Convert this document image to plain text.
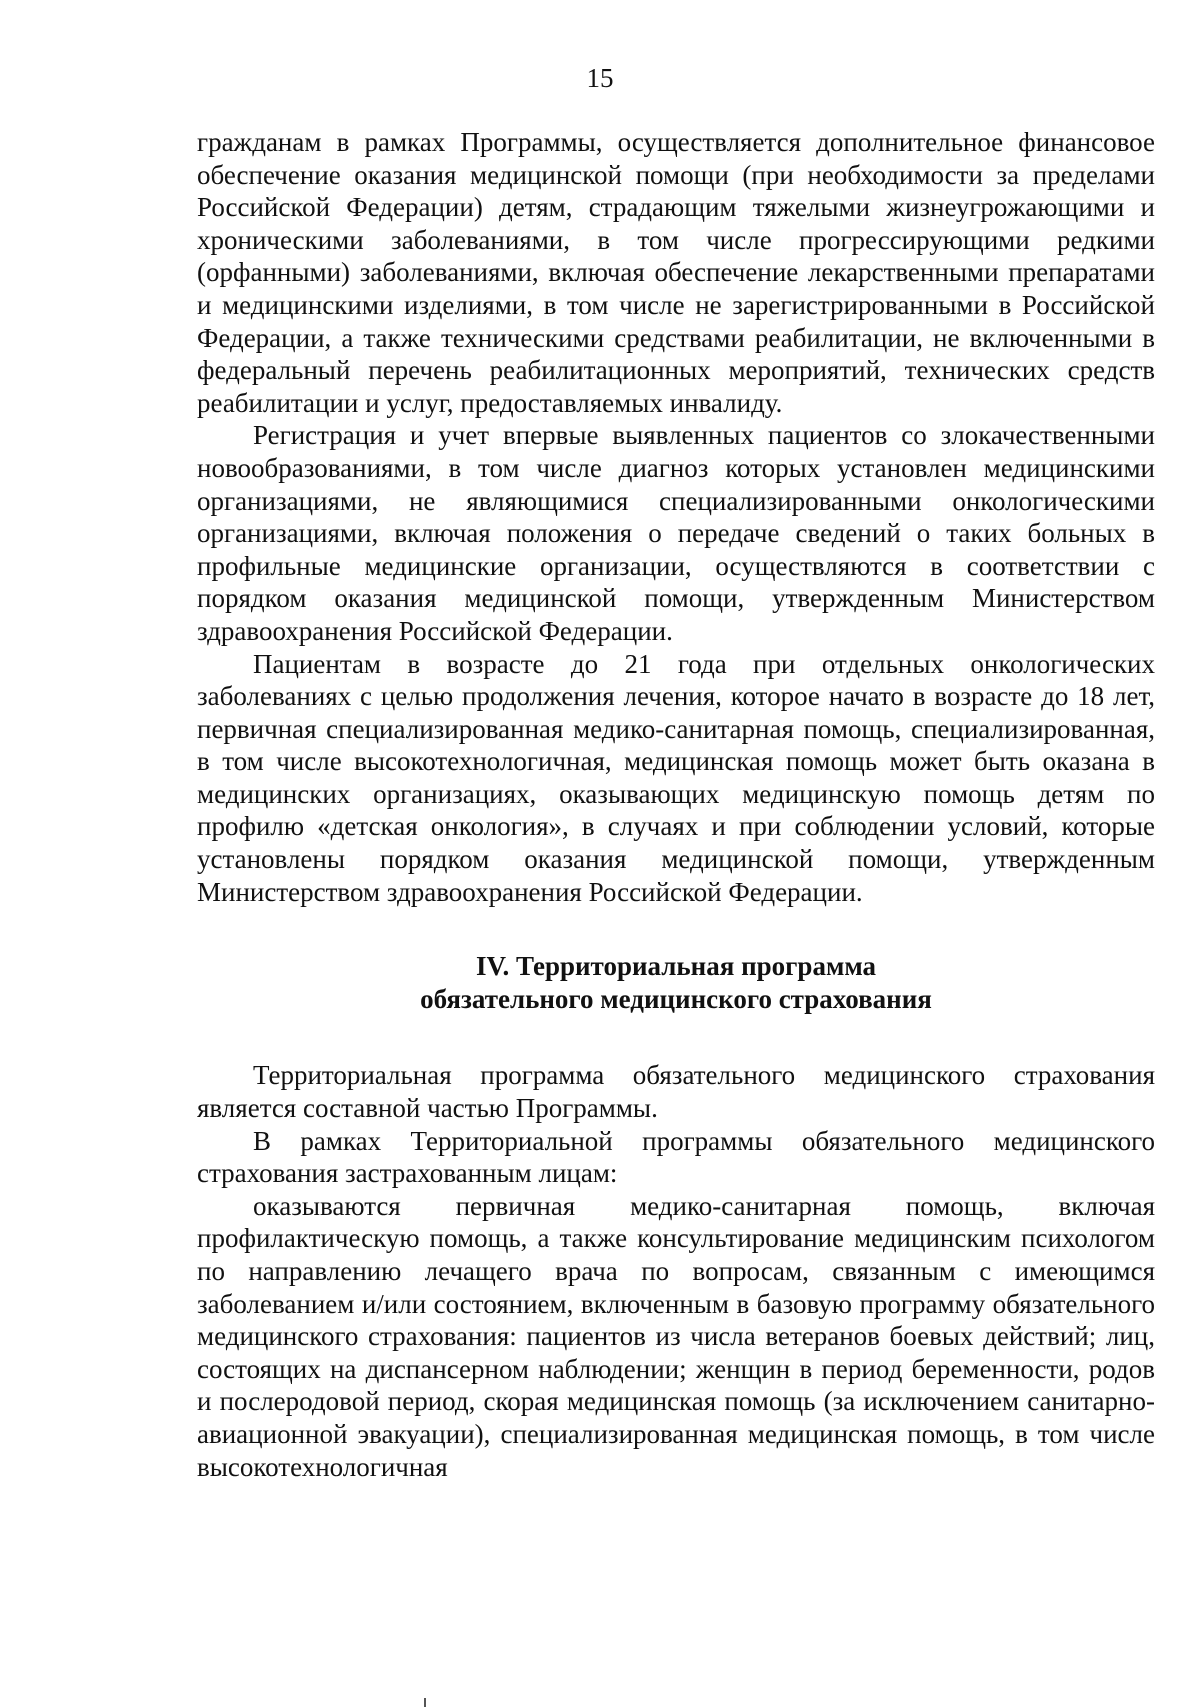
15

гражданам в рамках Программы, осуществляется дополнительное финансовое обеспечение оказания медицинской помощи (при необходимости за пределами Российской Федерации) детям, страдающим тяжелыми жизнеугрожающими и хроническими заболеваниями, в том числе прогрессирующими редкими (орфанными) заболеваниями, включая обеспечение лекарственными препаратами и медицинскими изделиями, в том числе не зарегистрированными в Российской Федерации, а также техническими средствами реабилитации, не включенными в федеральный перечень реабилитационных мероприятий, технических средств реабилитации и услуг, предоставляемых инвалиду.

Регистрация и учет впервые выявленных пациентов со злокачественными новообразованиями, в том числе диагноз которых установлен медицинскими организациями, не являющимися специализированными онкологическими организациями, включая положения о передаче сведений о таких больных в профильные медицинские организации, осуществляются в соответствии с порядком оказания медицинской помощи, утвержденным Министерством здравоохранения Российской Федерации.

Пациентам в возрасте до 21 года при отдельных онкологических заболеваниях с целью продолжения лечения, которое начато в возрасте до 18 лет, первичная специализированная медико-санитарная помощь, специализированная, в том числе высокотехнологичная, медицинская помощь может быть оказана в медицинских организациях, оказывающих медицинскую помощь детям по профилю «детская онкология», в случаях и при соблюдении условий, которые установлены порядком оказания медицинской помощи, утвержденным Министерством здравоохранения Российской Федерации.

IV. Территориальная программа

обязательного медицинского страхования

Территориальная программа обязательного медицинского страхования является составной частью Программы.

В рамках Территориальной программы обязательного медицинского страхования застрахованным лицам:

оказываются первичная медико-санитарная помощь, включая профилактическую помощь, а также консультирование медицинским психологом по направлению лечащего врача по вопросам, связанным с имеющимся заболеванием и/или состоянием, включенным в базовую программу обязательного медицинского страхования: пациентов из числа ветеранов боевых действий; лиц, состоящих на диспансерном наблюдении; женщин в период беременности, родов и послеродовой период, скорая медицинская помощь (за исключением санитарно-авиационной эвакуации), специализированная медицинская помощь, в том числе высокотехнологичная
